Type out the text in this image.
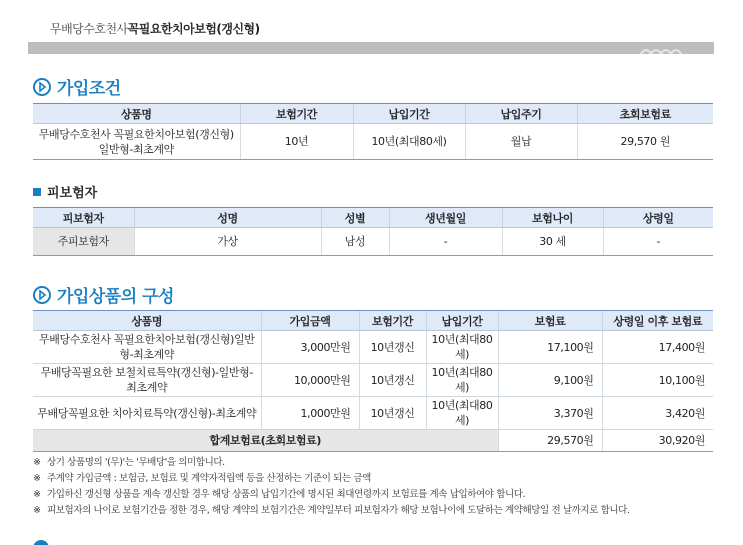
무배당수호천사꼭필요한치아보험(갱신형)
가입조건
상품명	보험기간	납입기간	납입주기	초회보험료
무배당수호천사 꼭필요한치아보험(갱신형)일반형-최초계약	10년	10년(최대80세)	월납	29,570 원
피보험자
피보험자	성명	성별	생년월일	보험나이	상령일
주피보험자	가상	남성	-	30 세	-
가입상품의 구성
상품명	가입금액	보험기간	납입기간	보험료	상령일 이후 보험료
무배당수호천사 꼭필요한치아보험(갱신형)일반형-최초계약	3,000만원	10년갱신	10년(최대80세)	17,100원	17,400원
무배당꼭필요한 보철치료특약(갱신형)-일반형-최초계약	10,000만원	10년갱신	10년(최대80세)	9,100원	10,100원
무배당꼭필요한 치아치료특약(갱신형)-최초계약	1,000만원	10년갱신	10년(최대80세)	3,370원	3,420원
합계보험료(초회보험료)				29,570원	30,920원
※ 상기 상품명의 '(무)'는 '무배당'을 의미합니다.
※ 주계약 가입금액 : 보험금, 보험료 및 계약자적립액 등을 산정하는 기준이 되는 금액
※ 가입하신 갱신형 상품을 계속 갱신할 경우 해당 상품의 납입기간에 명시된 최대연령까지 보험료를 계속 납입하여야 합니다.
※ 피보험자의 나이로 보험기간을 정한 경우, 해당 계약의 보험기간은 계약일부터 피보험자가 해당 보험나이에 도달하는 계약해당일 전 날까지로 합니다.
